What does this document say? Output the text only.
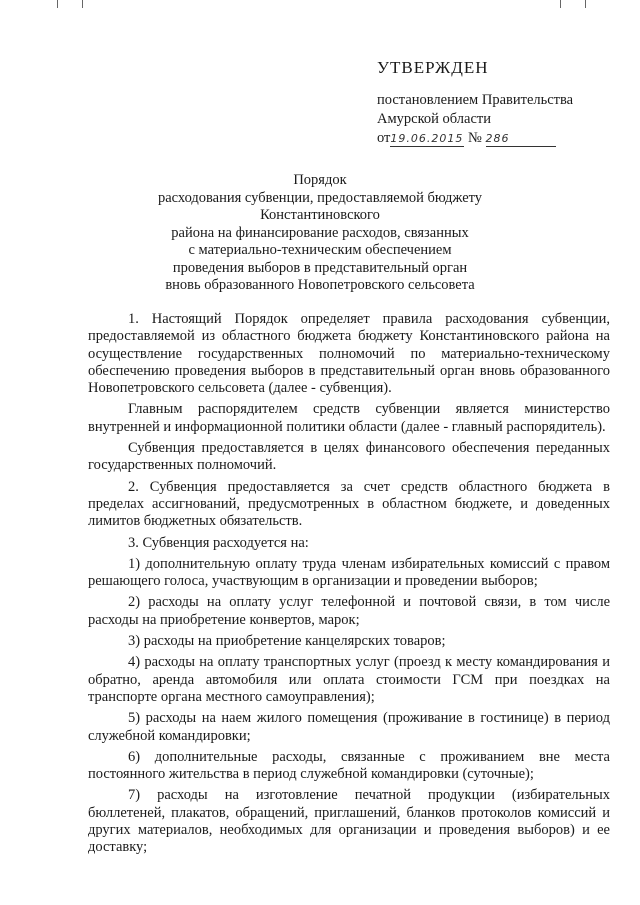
УТВЕРЖДЕН
постановлением Правительства
Амурской области
от19.06.2015 № 286
Порядок
расходования субвенции, предоставляемой бюджету Константиновского
района на финансирование расходов, связанных
с материально-техническим обеспечением
проведения выборов в представительный орган
вновь образованного Новопетровского сельсовета

1. Настоящий Порядок определяет правила расходования субвенции, предоставляемой из областного бюджета бюджету Константиновского района на осуществление государственных полномочий по материально-техническому обеспечению проведения выборов в представительный орган вновь образованного Новопетровского сельсовета (далее - субвенция).

Главным распорядителем средств субвенции является министерство внутренней и информационной политики области (далее - главный распорядитель).

Субвенция предоставляется в целях финансового обеспечения переданных государственных полномочий.

2. Субвенция предоставляется за счет средств областного бюджета в пределах ассигнований, предусмотренных в областном бюджете, и доведенных лимитов бюджетных обязательств.

3. Субвенция расходуется на:

1) дополнительную оплату труда членам избирательных комиссий с правом решающего голоса, участвующим в организации и проведении выборов;

2) расходы на оплату услуг телефонной и почтовой связи, в том числе расходы на приобретение конвертов, марок;

3) расходы на приобретение канцелярских товаров;

4) расходы на оплату транспортных услуг (проезд к месту командирования и обратно, аренда автомобиля или оплата стоимости ГСМ при поездках на транспорте органа местного самоуправления);

5) расходы на наем жилого помещения (проживание в гостинице) в период служебной командировки;

6) дополнительные расходы, связанные с проживанием вне места постоянного жительства в период служебной командировки (суточные);

7) расходы на изготовление печатной продукции (избирательных бюллетеней, плакатов, обращений, приглашений, бланков протоколов комиссий и других материалов, необходимых для организации и проведения выборов) и ее доставку;
